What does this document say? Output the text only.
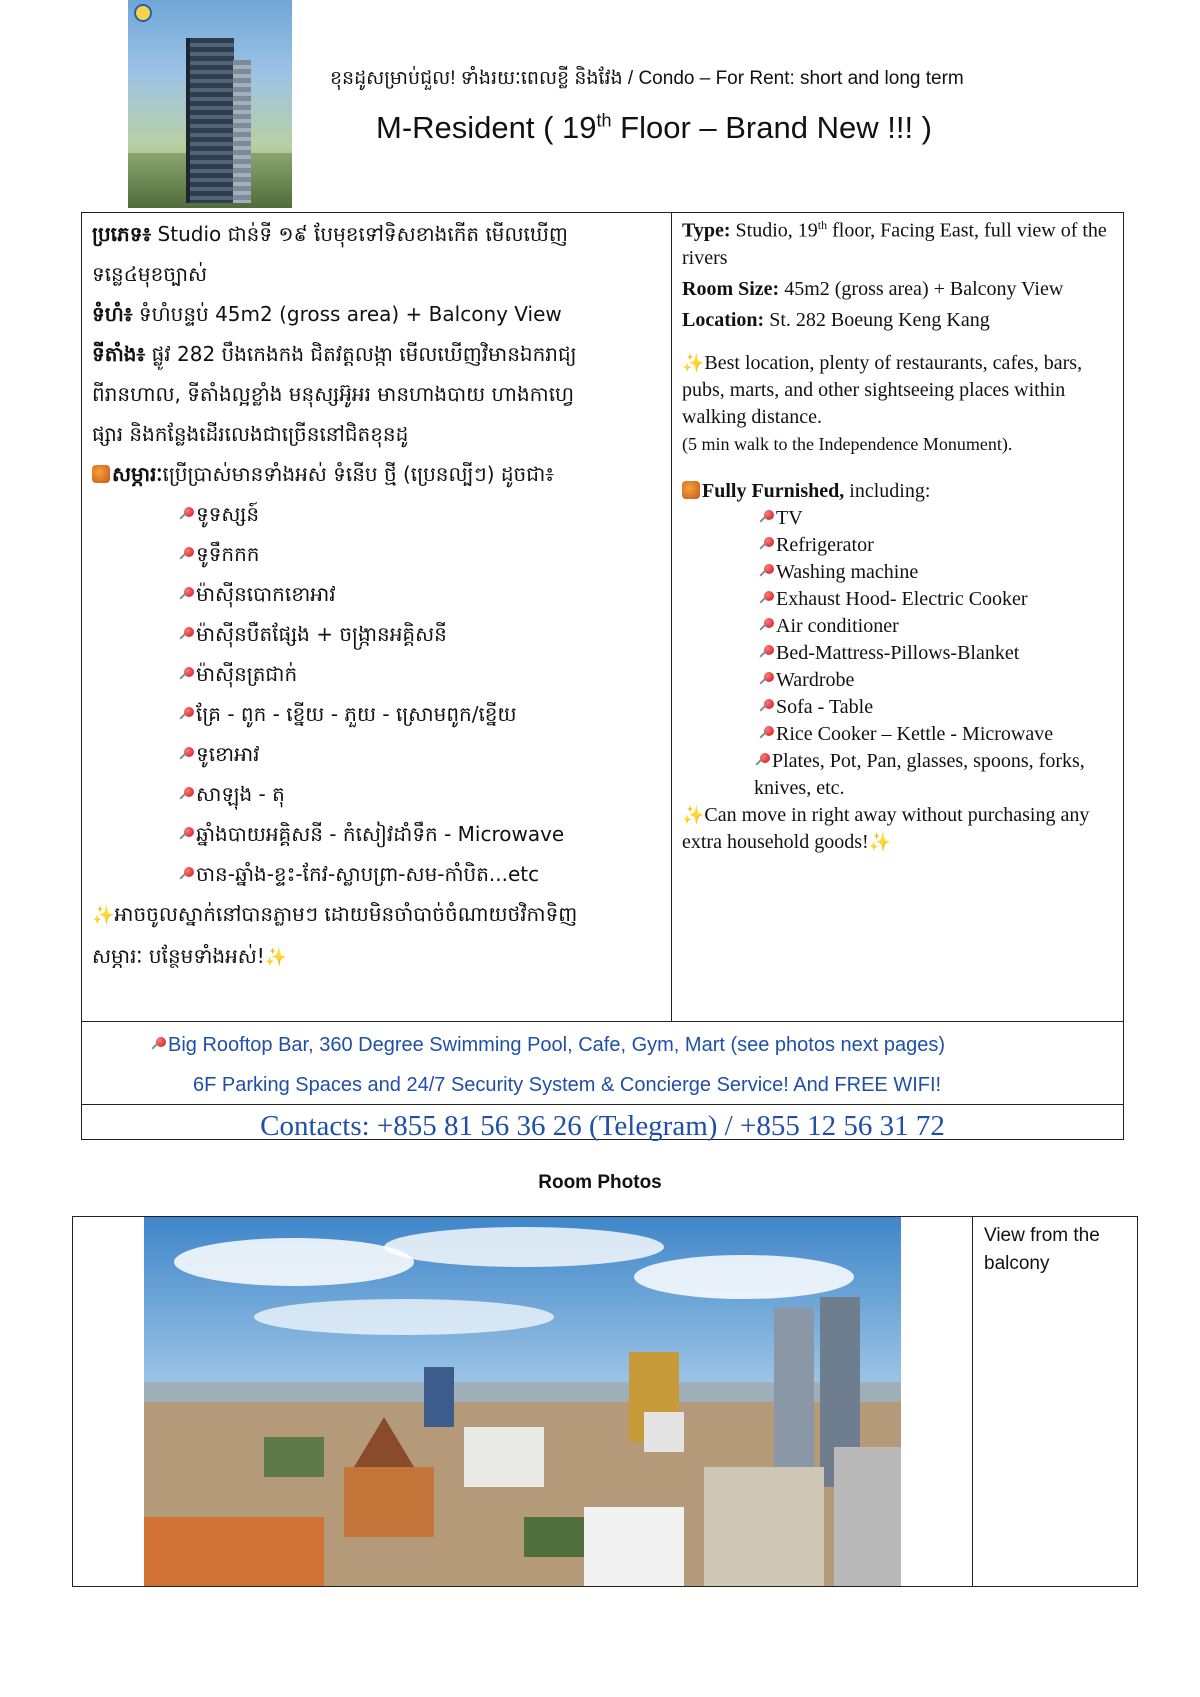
ខុនដូសម្រាប់ជួល! ទាំងរយៈពេលខ្លី និងវែង / Condo – For Rent: short and long term
M-Resident ( 19th Floor – Brand New !!! )
ប្រភេទ៖ Studio ជាន់ទី ១៩ បែមុខទៅទិសខាងកើត មើលឃើញ
ទន្លេ៤មុខច្បាស់
ទំហំ៖ ទំហំបន្ទប់ 45m2 (gross area) + Balcony View
ទីតាំង៖ ផ្លូវ 282 បឹងកេងកង ជិតវត្តលង្កា មើលឃើញវិមានឯករាជ្យ
ពីរានហាល, ទីតាំងល្អខ្លាំង មនុស្សអ៊ូអរ មានហាងបាយ ហាងកាហ្វេ
ផ្សារ និងកន្លែងដើរលេងជាច្រើននៅជិតខុនដូ
សម្ភារៈប្រើប្រាស់មានទាំងអស់ ទំនើប ថ្មី (ប្រេនល្បីៗ) ដូចជា៖
ទូទស្សន៍
ទូទឹកកក
ម៉ាស៊ីនបោកខោអាវ
ម៉ាស៊ីនបឺតផ្សែង + ចង្រ្កានអគ្គិសនី
ម៉ាស៊ីនត្រជាក់
គ្រែ - ពូក - ខ្នើយ - ភួយ - ស្រោមពូក/ខ្នើយ
ទូខោអាវ
សាឡុង - តុ
ឆ្នាំងបាយអគ្គិសនី - កំសៀវដាំទឹក - Microwave
ចាន-ឆ្នាំង-ខ្ទះ-កែវ-ស្លាបព្រា-សម-កាំបិត...etc
✨អាចចូលស្នាក់នៅបានភ្លាមៗ ដោយមិនចាំបាច់ចំណាយថវិកាទិញ
សម្ភារៈ បន្ថែមទាំងអស់!✨

Type: Studio, 19th floor, Facing East, full view of the rivers

Room Size: 45m2 (gross area) + Balcony View

Location: St. 282 Boeung Keng Kang

✨Best location, plenty of restaurants, cafes, bars, pubs, marts, and other sightseeing places within walking distance.

(5 min walk to the Independence Monument).

Fully Furnished, including:

TV

Refrigerator

Washing machine

Exhaust Hood- Electric Cooker

Air conditioner

Bed-Mattress-Pillows-Blanket

Wardrobe

Sofa - Table

Rice Cooker – Kettle - Microwave

Plates, Pot, Pan, glasses, spoons, forks, knives, etc.

✨Can move in right away without purchasing any extra household goods!✨

Big Rooftop Bar, 360 Degree Swimming Pool, Cafe, Gym, Mart (see photos next pages)
6F Parking Spaces and 24/7 Security System & Concierge Service! And FREE WIFI!
Contacts: +855 81 56 36 26 (Telegram) / +855 12 56 31 72
Room Photos
View from the balcony
